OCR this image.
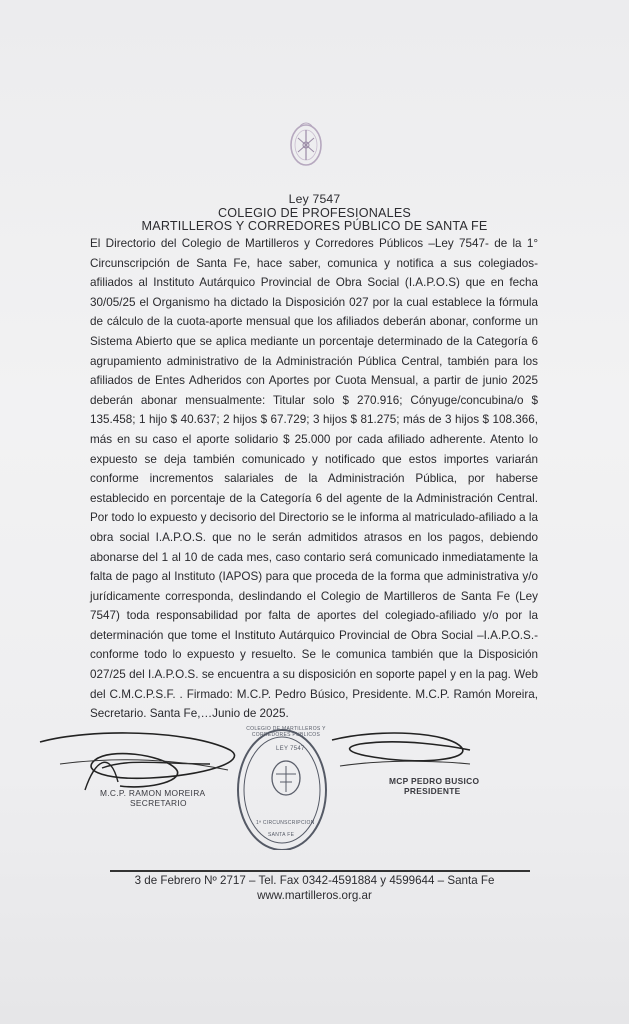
Ley 7547
COLEGIO DE PROFESIONALES
MARTILLEROS Y CORREDORES PÚBLICO DE SANTA FE
El Directorio del Colegio de Martilleros y Corredores Públicos –Ley 7547- de la 1° Circunscripción de Santa Fe, hace saber, comunica y notifica a sus colegiados-afiliados al Instituto Autárquico Provincial de Obra Social (I.A.P.O.S) que en fecha 30/05/25 el Organismo ha dictado la Disposición 027 por la cual establece la fórmula de cálculo de la cuota-aporte mensual que los afiliados deberán abonar, conforme un Sistema Abierto que se aplica mediante un porcentaje determinado de la Categoría 6 agrupamiento administrativo de la Administración Pública Central, también para los afiliados de Entes Adheridos con Aportes por Cuota Mensual, a partir de junio 2025 deberán abonar mensualmente: Titular solo $ 270.916; Cónyuge/concubina/o $ 135.458; 1 hijo $ 40.637; 2 hijos $ 67.729; 3 hijos $ 81.275; más de 3 hijos $ 108.366, más en su caso el aporte solidario $ 25.000 por cada afiliado adherente. Atento lo expuesto se deja también comunicado y notificado que estos importes variarán conforme incrementos salariales de la Administración Pública, por haberse establecido en porcentaje de la Categoría 6 del agente de la Administración Central. Por todo lo expuesto y decisorio del Directorio se le informa al matriculado-afiliado a la obra social I.A.P.O.S. que no le serán admitidos atrasos en los pagos, debiendo abonarse del 1 al 10 de cada mes, caso contario será comunicado inmediatamente la falta de pago al Instituto (IAPOS) para que proceda de la forma que administrativa y/o jurídicamente corresponda, deslindando el Colegio de Martilleros de Santa Fe (Ley 7547) toda responsabilidad por falta de aportes del colegiado-afiliado y/o por la determinación que tome el Instituto Autárquico Provincial de Obra Social –I.A.P.O.S.- conforme todo lo expuesto y resuelto. Se le comunica también que la Disposición 027/25 del I.A.P.O.S. se encuentra a su disposición en soporte papel y en la pag. Web del C.M.C.P.S.F. . Firmado: M.C.P. Pedro Búsico, Presidente. M.C.P. Ramón Moreira, Secretario. Santa Fe,…Junio de 2025.
M.C.P. RAMON MOREIRA
SECRETARIO
MCP PEDRO BUSICO
PRESIDENTE
LEY 7547
1ª CIRCUNSCRIPCION
COLEGIO DE MARTILLEROS Y CORREDORES PUBLICOS
SANTA FE
3 de Febrero Nº 2717 – Tel. Fax 0342-4591884 y 4599644 – Santa Fe
www.martilleros.org.ar
